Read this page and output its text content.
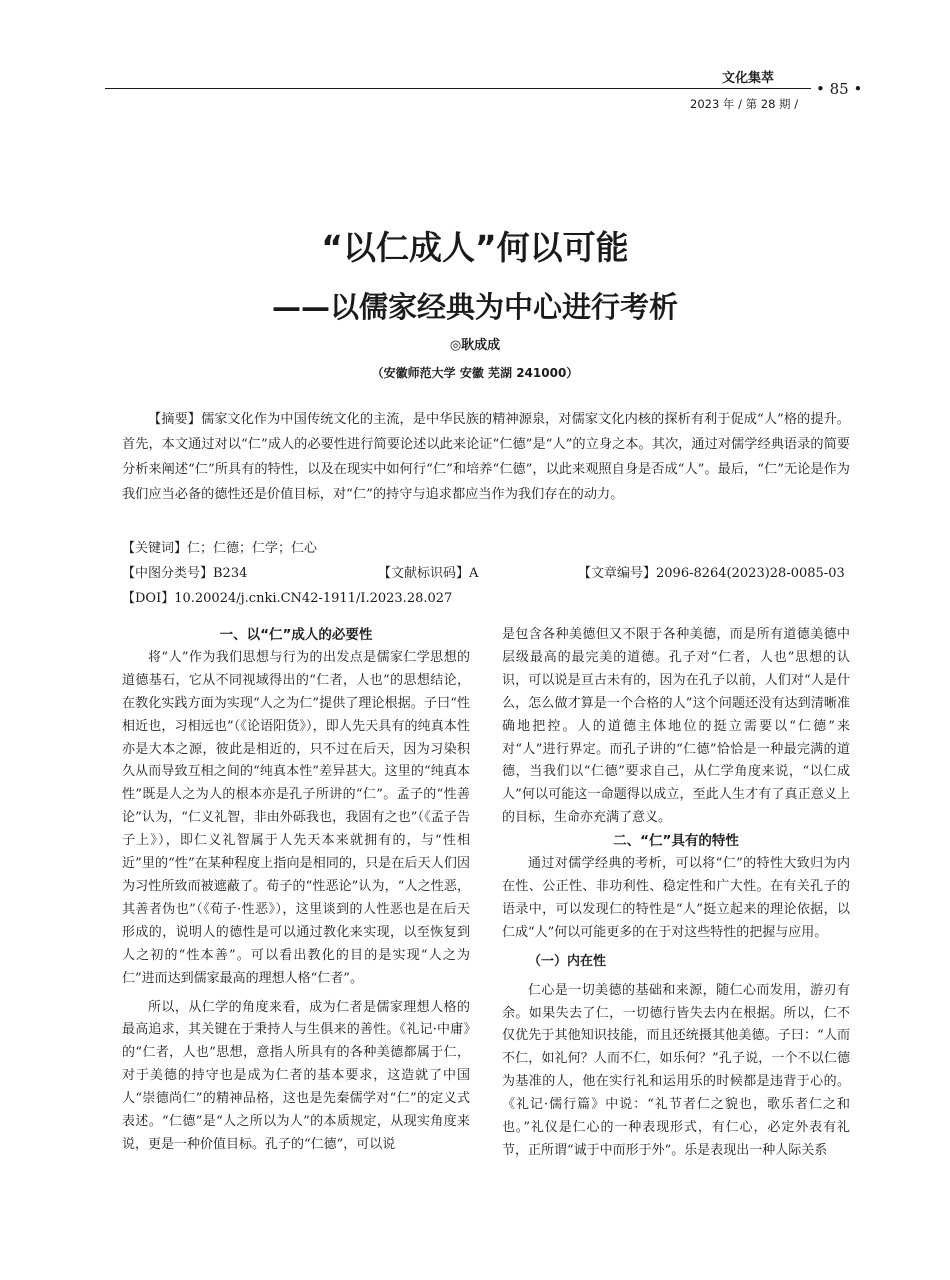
文化集萃
• 85 •
2023 年 / 第 28 期 /
“以仁成人”何以可能
——以儒家经典为中心进行考析
◎耿成成
（安徽师范大学 安徽 芜湖 241000）
【摘要】儒家文化作为中国传统文化的主流，是中华民族的精神源泉，对儒家文化内核的探析有利于促成“人”格的提升。首先，本文通过对以“仁”成人的必要性进行简要论述以此来论证“仁德”是“人”的立身之本。其次，通过对儒学经典语录的简要分析来阐述“仁”所具有的特性，以及在现实中如何行“仁”和培养“仁德”，以此来观照自身是否成“人”。最后，“仁”无论是作为我们应当必备的德性还是价值目标，对“仁”的持守与追求都应当作为我们存在的动力。
【关键词】仁；仁德；仁学；仁心
【中图分类号】B234	【文献标识码】A	【文章编号】2096-8264(2023)28-0085-03
【DOI】10.20024/j.cnki.CN42-1911/I.2023.28.027
一、以“仁”成人的必要性

将“人”作为我们思想与行为的出发点是儒家仁学思想的道德基石，它从不同视域得出的“仁者，人也”的思想结论，在教化实践方面为实现“人之为仁”提供了理论根据。子曰“性相近也，习相远也”（《论语阳货》），即人先天具有的纯真本性亦是大本之源，彼此是相近的，只不过在后天，因为习染积久从而导致互相之间的“纯真本性”差异甚大。这里的“纯真本性”既是人之为人的根本亦是孔子所讲的“仁”。孟子的“性善论”认为，“仁义礼智，非由外砾我也，我固有之也”（《孟子告子上》），即仁义礼智属于人先天本来就拥有的，与“性相近”里的“性”在某种程度上指向是相同的，只是在后天人们因为习性所致而被遮蔽了。荀子的“性恶论”认为，“人之性恶，其善者伪也”（《荀子·性恶》），这里谈到的人性恶也是在后天形成的，说明人的德性是可以通过教化来实现，以至恢复到人之初的“性本善”。可以看出教化的目的是实现“人之为仁”进而达到儒家最高的理想人格“仁者”。

所以，从仁学的角度来看，成为仁者是儒家理想人格的最高追求，其关键在于秉持人与生俱来的善性。《礼记·中庸》的“仁者，人也”思想，意指人所具有的各种美德都属于仁，对于美德的持守也是成为仁者的基本要求，这造就了中国人“崇德尚仁”的精神品格，这也是先秦儒学对“仁”的定义式表述。“仁德”是“人之所以为人”的本质规定，从现实角度来说，更是一种价值目标。孔子的“仁德”，可以说

是包含各种美德但又不限于各种美德，而是所有道德美德中层级最高的最完美的道德。孔子对“仁者，人也”思想的认识，可以说是亘古未有的，因为在孔子以前，人们对“人是什么，怎么做才算是一个合格的人”这个问题还没有达到清晰准确地把控。人的道德主体地位的挺立需要以“仁德”来对“人”进行界定。而孔子讲的“仁德”恰恰是一种最完满的道德，当我们以“仁德”要求自己，从仁学角度来说，“以仁成人”何以可能这一命题得以成立，至此人生才有了真正意义上的目标，生命亦充满了意义。

二、“仁”具有的特性

通过对儒学经典的考析，可以将“仁”的特性大致归为内在性、公正性、非功利性、稳定性和广大性。在有关孔子的语录中，可以发现仁的特性是“人”挺立起来的理论依据，以仁成“人”何以可能更多的在于对这些特性的把握与应用。

（一）内在性

仁心是一切美德的基础和来源，随仁心而发用，游刃有余。如果失去了仁，一切德行皆失去内在根据。所以，仁不仅优先于其他知识技能，而且还统摄其他美德。子曰：“人而不仁，如礼何？人而不仁，如乐何？”孔子说，一个不以仁德为基准的人，他在实行礼和运用乐的时候都是违背于心的。《礼记·儒行篇》中说：“礼节者仁之貌也，歌乐者仁之和也。”礼仪是仁心的一种表现形式，有仁心，必定外表有礼节，正所谓“诚于中而形于外”。乐是表现出一种人际关系
